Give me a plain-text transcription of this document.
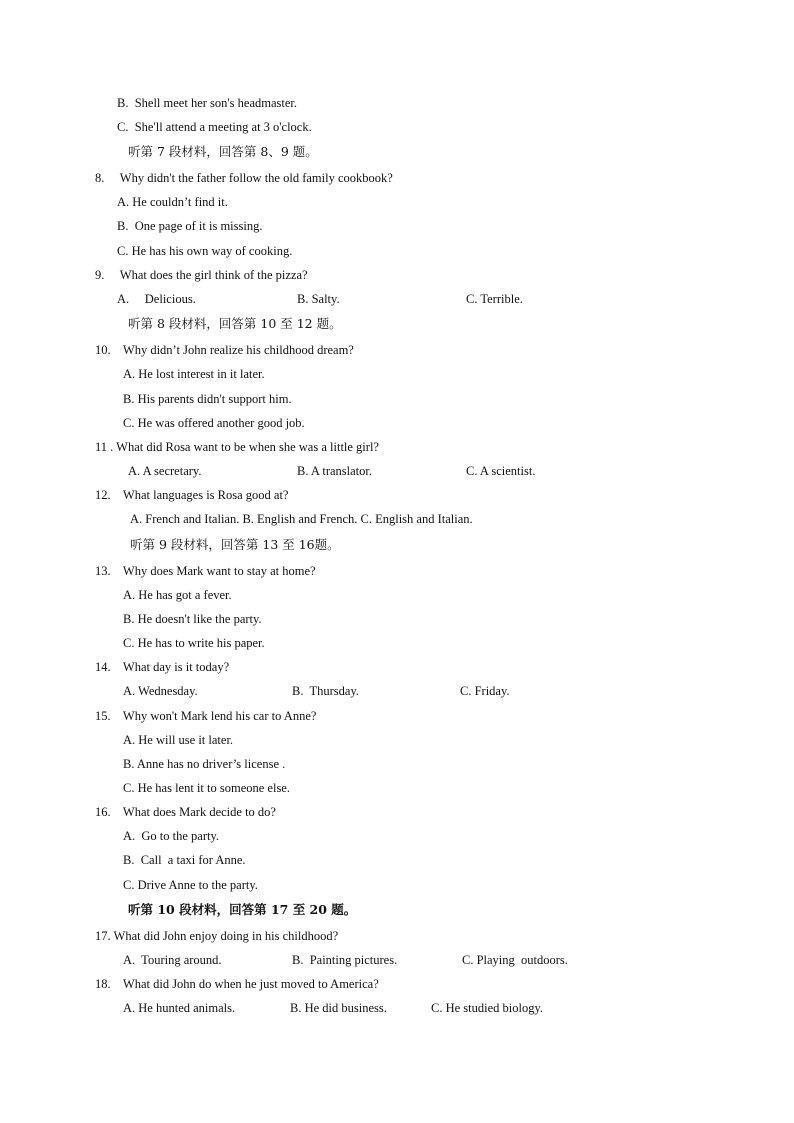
B.  Shell meet her son's headmaster.
C.  She'll attend a meeting at 3 o'clock.
听第 7 段材料，回答第 8、9 题。
8.     Why didn't the father follow the old family cookbook?
A. He couldn’t find it.
B.  One page of it is missing.
C. He has his own way of cooking.
9.     What does the girl think of the pizza?
A.     Delicious.	B. Salty.	C. Terrible.
听第 8 段材料，回答第 10 至 12 题。
10.    Why didn’t John realize his childhood dream?
A. He lost interest in it later.
B. His parents didn't support him.
C. He was offered another good job.
11 . What did Rosa want to be when she was a little girl?
A. A secretary.	B. A translator.	C. A scientist.
12.    What languages is Rosa good at?
A. French and Italian. B. English and French. C. English and Italian.
听第 9 段材料，回答第 13 至 16题。
13.    Why does Mark want to stay at home?
A. He has got a fever.
B. He doesn't like the party.
C. He has to write his paper.
14.    What day is it today?
A. Wednesday.	B.  Thursday.	C. Friday.
15.    Why won't Mark lend his car to Anne?
A. He will use it later.
B. Anne has no driver’s license .
C. He has lent it to someone else.
16.    What does Mark decide to do?
A.  Go to the party.
B.  Call  a taxi for Anne.
C. Drive Anne to the party.
听第 10 段材料，回答第 17 至 20 题。
17. What did John enjoy doing in his childhood?
A.  Touring around.	B.  Painting pictures.	C. Playing  outdoors.
18.    What did John do when he just moved to America?
A. He hunted animals.	B. He did business.	C. He studied biology.
